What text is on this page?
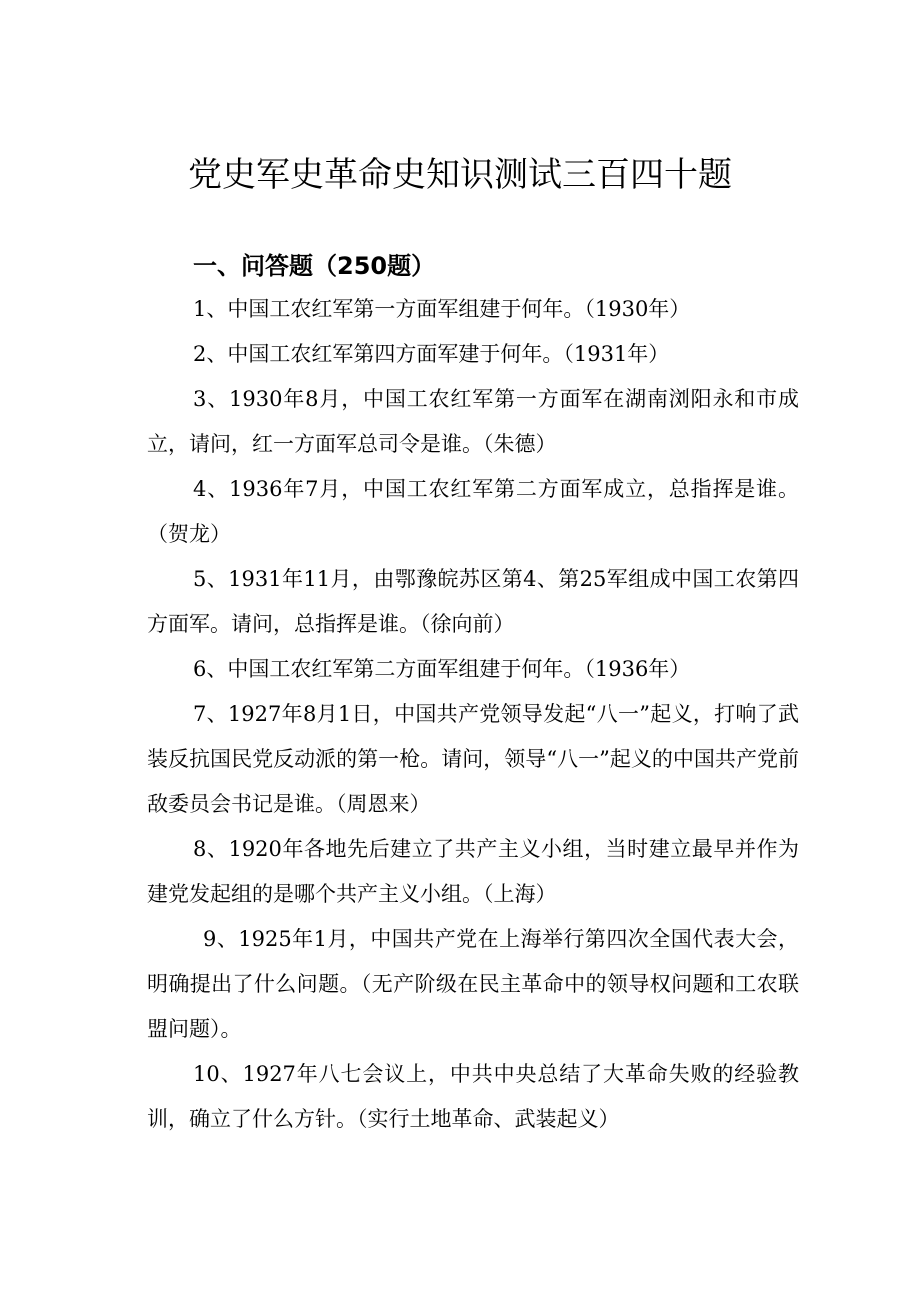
党史军史革命史知识测试三百四十题
一、问答题（250题）
1、中国工农红军第一方面军组建于何年。（1930年）
2、中国工农红军第四方面军建于何年。（1931年）
3、1930年8月，中国工农红军第一方面军在湖南浏阳永和市成立，请问，红一方面军总司令是谁。（朱德）
4、1936年7月，中国工农红军第二方面军成立，总指挥是谁。（贺龙）
5、1931年11月，由鄂豫皖苏区第4、第25军组成中国工农第四方面军。请问，总指挥是谁。（徐向前）
6、中国工农红军第二方面军组建于何年。（1936年）
7、1927年8月1日，中国共产党领导发起“八一”起义，打响了武装反抗国民党反动派的第一枪。请问，领导“八一”起义的中国共产党前敌委员会书记是谁。（周恩来）
8、1920年各地先后建立了共产主义小组，当时建立最早并作为建党发起组的是哪个共产主义小组。（上海）
9、1925年1月，中国共产党在上海举行第四次全国代表大会，明确提出了什么问题。（无产阶级在民主革命中的领导权问题和工农联盟问题）。
10、1927年八七会议上，中共中央总结了大革命失败的经验教训，确立了什么方针。（实行土地革命、武装起义）
